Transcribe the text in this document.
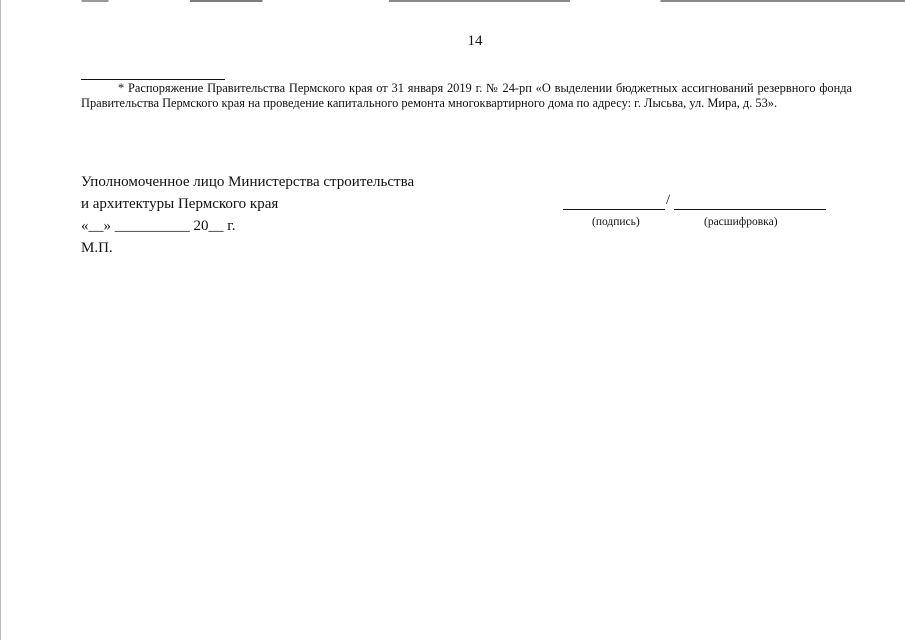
14
* Распоряжение Правительства Пермского края от 31 января 2019 г. № 24-рп «О выделении бюджетных ассигнований резервного фонда Правительства Пермского края на проведение капитального ремонта многоквартирного дома по адресу: г. Лысьва, ул. Мира, д. 53».
Уполномоченное лицо Министерства строительства
и архитектуры Пермского края
«__» __________ 20__ г.
М.П.
/
(подпись)	(расшифровка)
